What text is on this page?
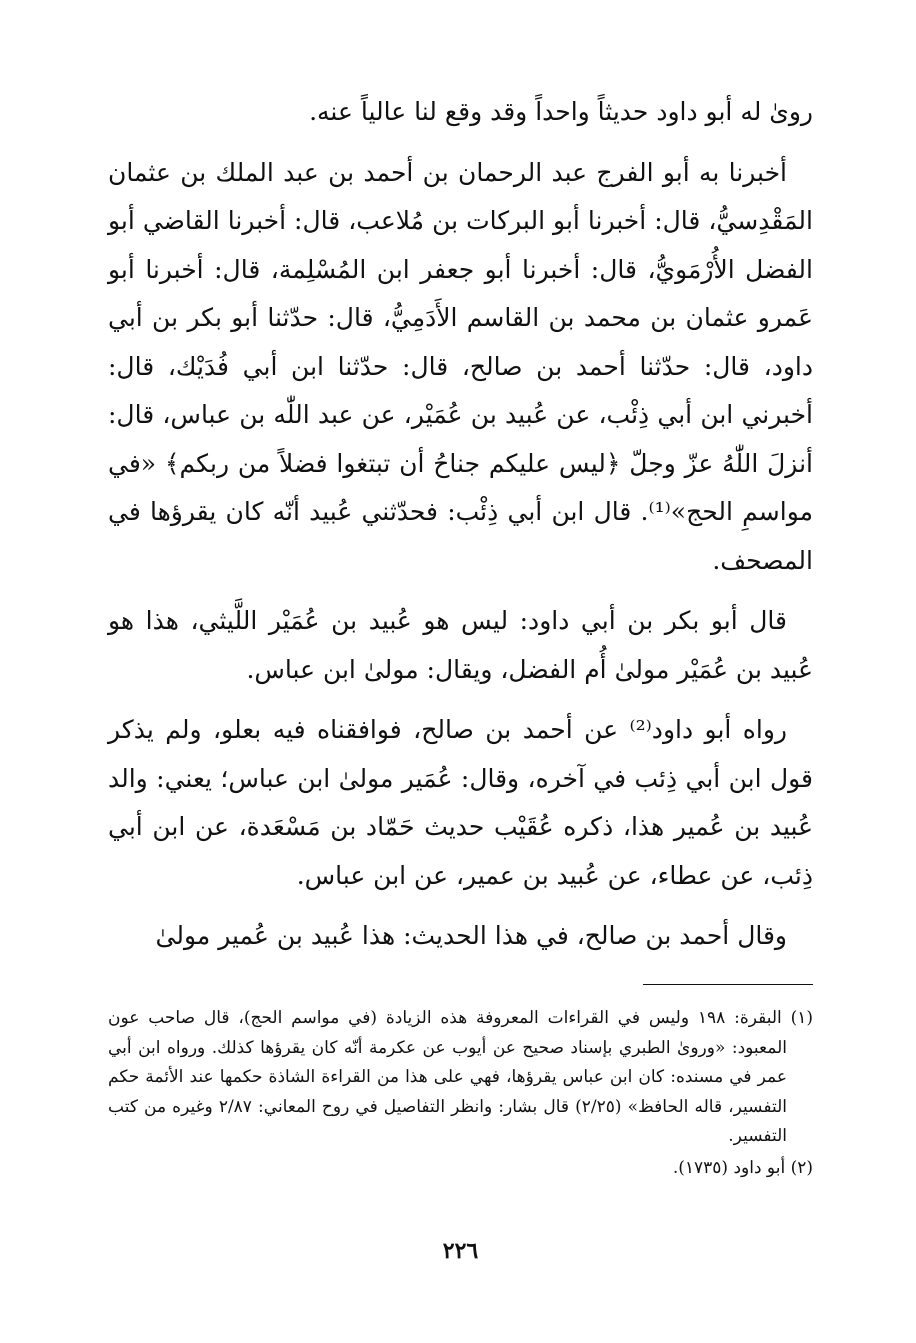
روىٰ له أبو داود حديثاً واحداً وقد وقع لنا عالياً عنه.

أخبرنا به أبو الفرج عبد الرحمان بن أحمد بن عبد الملك بن عثمان المَقْدِسيُّ، قال: أخبرنا أبو البركات بن مُلاعب، قال: أخبرنا القاضي أبو الفضل الأُرْمَويُّ، قال: أخبرنا أبو جعفر ابن المُسْلِمة، قال: أخبرنا أبو عَمرو عثمان بن محمد بن القاسم الأَدَمِيُّ، قال: حدّثنا أبو بكر بن أبي داود، قال: حدّثنا أحمد بن صالح، قال: حدّثنا ابن أبي فُدَيْك، قال: أخبرني ابن أبي ذِئْب، عن عُبيد بن عُمَيْر، عن عبد اللّٰه بن عباس، قال: أنزلَ اللّٰهُ عزّ وجلّ ﴿ليس عليكم جناحُ أن تبتغوا فضلاً من ربكم﴾ «في مواسمِ الحج»⁽¹⁾. قال ابن أبي ذِئْب: فحدّثني عُبيد أنّه كان يقرؤها في المصحف.

قال أبو بكر بن أبي داود: ليس هو عُبيد بن عُمَيْر اللَّيثي، هذا هو عُبيد بن عُمَيْر مولىٰ أُم الفضل، ويقال: مولىٰ ابن عباس.

رواه أبو داود⁽²⁾ عن أحمد بن صالح، فوافقناه فيه بعلو، ولم يذكر قول ابن أبي ذِئب في آخره، وقال: عُمَير مولىٰ ابن عباس؛ يعني: والد عُبيد بن عُمير هذا، ذكره عُقَيْب حديث حَمّاد بن مَسْعَدة، عن ابن أبي ذِئب، عن عطاء، عن عُبيد بن عمير، عن ابن عباس.

وقال أحمد بن صالح، في هذا الحديث: هذا عُبيد بن عُمير مولىٰ

(١) البقرة: ١٩٨ وليس في القراءات المعروفة هذه الزيادة (في مواسم الحج)، قال صاحب عون المعبود: «وروىٰ الطبري بإسناد صحيح عن أيوب عن عكرمة أنّه كان يقرؤها كذلك. ورواه ابن أبي عمر في مسنده: كان ابن عباس يقرؤها، فهي على هذا من القراءة الشاذة حكمها عند الأئمة حكم التفسير، قاله الحافظ» (٢/٢٥) قال بشار: وانظر التفاصيل في روح المعاني: ٢/٨٧ وغيره من كتب التفسير.

(٢) أبو داود (١٧٣٥).

٢٢٦
